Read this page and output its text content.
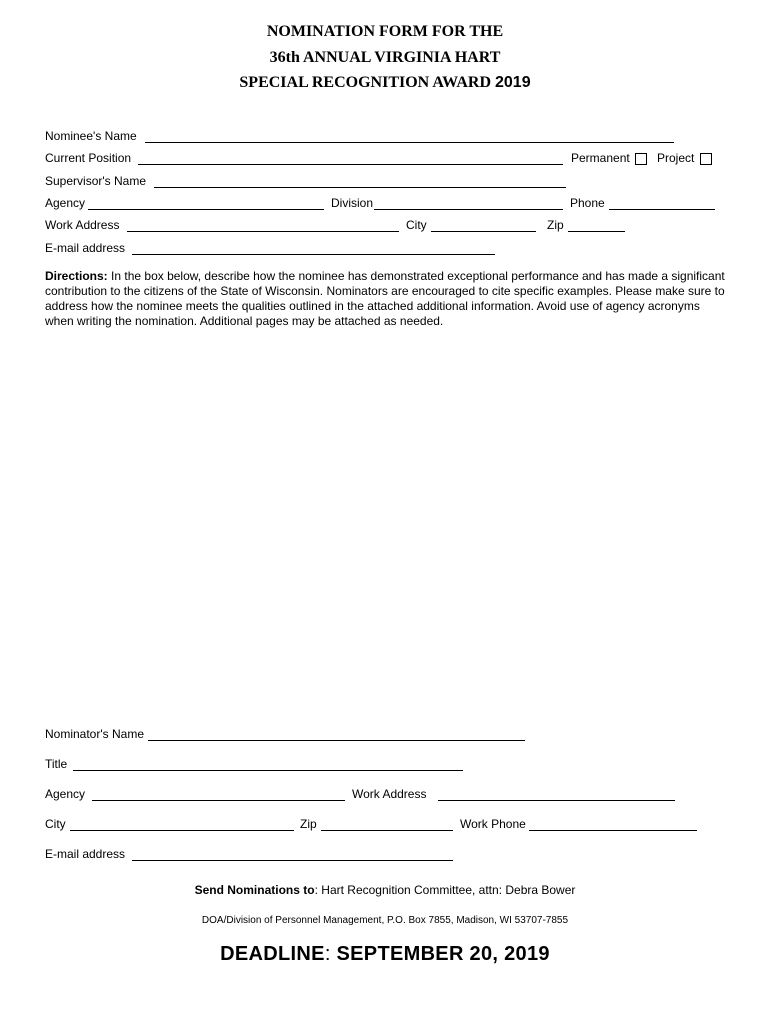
NOMINATION FORM FOR THE
36th ANNUAL VIRGINIA HART
SPECIAL RECOGNITION AWARD 2019
Nominee's Name
Current Position	Permanent Project
Supervisor's Name
Agency	Division	Phone
Work Address	City	Zip
E-mail address
Directions: In the box below, describe how the nominee has demonstrated exceptional performance and has made a significant contribution to the citizens of the State of Wisconsin. Nominators are encouraged to cite specific examples. Please make sure to address how the nominee meets the qualities outlined in the attached additional information. Avoid use of agency acronyms when writing the nomination. Additional pages may be attached as needed.
Nominator's Name
Title
Agency	Work Address
City	Zip	Work Phone
E-mail address
Send Nominations to: Hart Recognition Committee, attn: Debra Bower
DOA/Division of Personnel Management, P.O. Box 7855, Madison, WI 53707-7855
DEADLINE: SEPTEMBER 20, 2019
